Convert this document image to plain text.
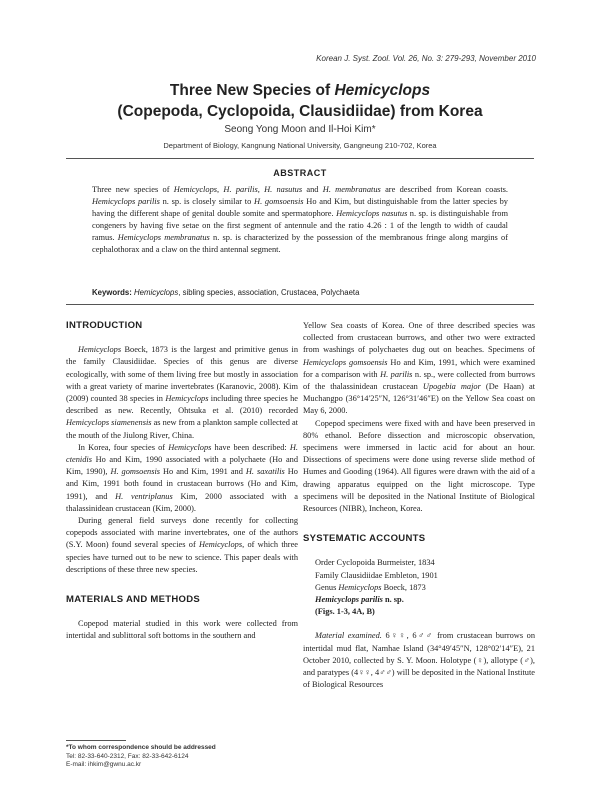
Korean J. Syst. Zool. Vol. 26, No. 3: 279-293, November 2010
Three New Species of Hemicyclops
(Copepoda, Cyclopoida, Clausidiidae) from Korea
Seong Yong Moon and Il-Hoi Kim*
Department of Biology, Kangnung National University, Gangneung 210-702, Korea
ABSTRACT
Three new species of Hemicyclops, H. parilis, H. nasutus and H. membranatus are described from Korean coasts. Hemicyclops parilis n. sp. is closely similar to H. gomsoensis Ho and Kim, but distinguishable from the latter species by having the different shape of genital double somite and spermatophore. Hemicyclops nasutus n. sp. is distinguishable from congeners by having five setae on the first segment of antennule and the ratio 4.26 : 1 of the length to width of caudal ramus. Hemicyclops membranatus n. sp. is characterized by the possession of the membranous fringe along margins of cephalothorax and a claw on the third antennal segment.
Keywords: Hemicyclops, sibling species, association, Crustacea, Polychaeta

INTRODUCTION

Hemicyclops Boeck, 1873 is the largest and primitive genus in the family Clausidiidae. Species of this genus are diverse ecologically, with some of them living free but mostly in association with a great variety of marine invertebrates (Karanovic, 2008). Kim (2009) counted 38 species in Hemicyclops including three species he described as new. Recently, Ohtsuka et al. (2010) recorded Hemicyclops siamenensis as new from a plankton sample collected at the mouth of the Jiulong River, China.

In Korea, four species of Hemicyclops have been described: H. ctenidis Ho and Kim, 1990 associated with a polychaete (Ho and Kim, 1990), H. gomsoensis Ho and Kim, 1991 and H. saxatilis Ho and Kim, 1991 both found in crustacean burrows (Ho and Kim, 1991), and H. ventriplanus Kim, 2000 associated with a thalassinidean crustacean (Kim, 2000).

During general field surveys done recently for collecting copepods associated with marine invertebrates, one of the authors (S.Y. Moon) found several species of Hemicyclops, of which three species have turned out to be new to science. This paper deals with descriptions of these three new species.

MATERIALS AND METHODS

Copepod material studied in this work were collected from intertidal and sublittoral soft bottoms in the southern and

Yellow Sea coasts of Korea. One of three described species was collected from crustacean burrows, and other two were extracted from washings of polychaetes dug out on beaches. Specimens of Hemicyclops gomsoensis Ho and Kim, 1991, which were examined for a comparison with H. parilis n. sp., were collected from burrows of the thalassinidean crustacean Upogebia major (De Haan) at Muchangpo (36°14′25″N, 126°31′46″E) on the Yellow Sea coast on May 6, 2000.

Copepod specimens were fixed with and have been preserved in 80% ethanol. Before dissection and microscopic observation, specimens were immersed in lactic acid for about an hour. Dissections of specimens were done using reverse slide method of Humes and Gooding (1964). All figures were drawn with the aid of a drawing apparatus equipped on the light microscope. Type specimens will be deposited in the National Institute of Biological Resources (NIBR), Incheon, Korea.

SYSTEMATIC ACCOUNTS

Order Cyclopoida Burmeister, 1834

Family Clausidiidae Embleton, 1901

Genus Hemicyclops Boeck, 1873

Hemicyclops parilis n. sp.

(Figs. 1-3, 4A, B)

Material examined. 6♀♀, 6♂♂ from crustacean burrows on intertidal mud flat, Namhae Island (34°49′45″N, 128°02′14″E), 21 October 2010, collected by S. Y. Moon. Holotype (♀), allotype (♂), and paratypes (4♀♀, 4♂♂) will be deposited in the National Institute of Biological Resources

*To whom correspondence should be addressed
Tel: 82-33-640-2312, Fax: 82-33-642-6124
E-mail: ihkim@gwnu.ac.kr
